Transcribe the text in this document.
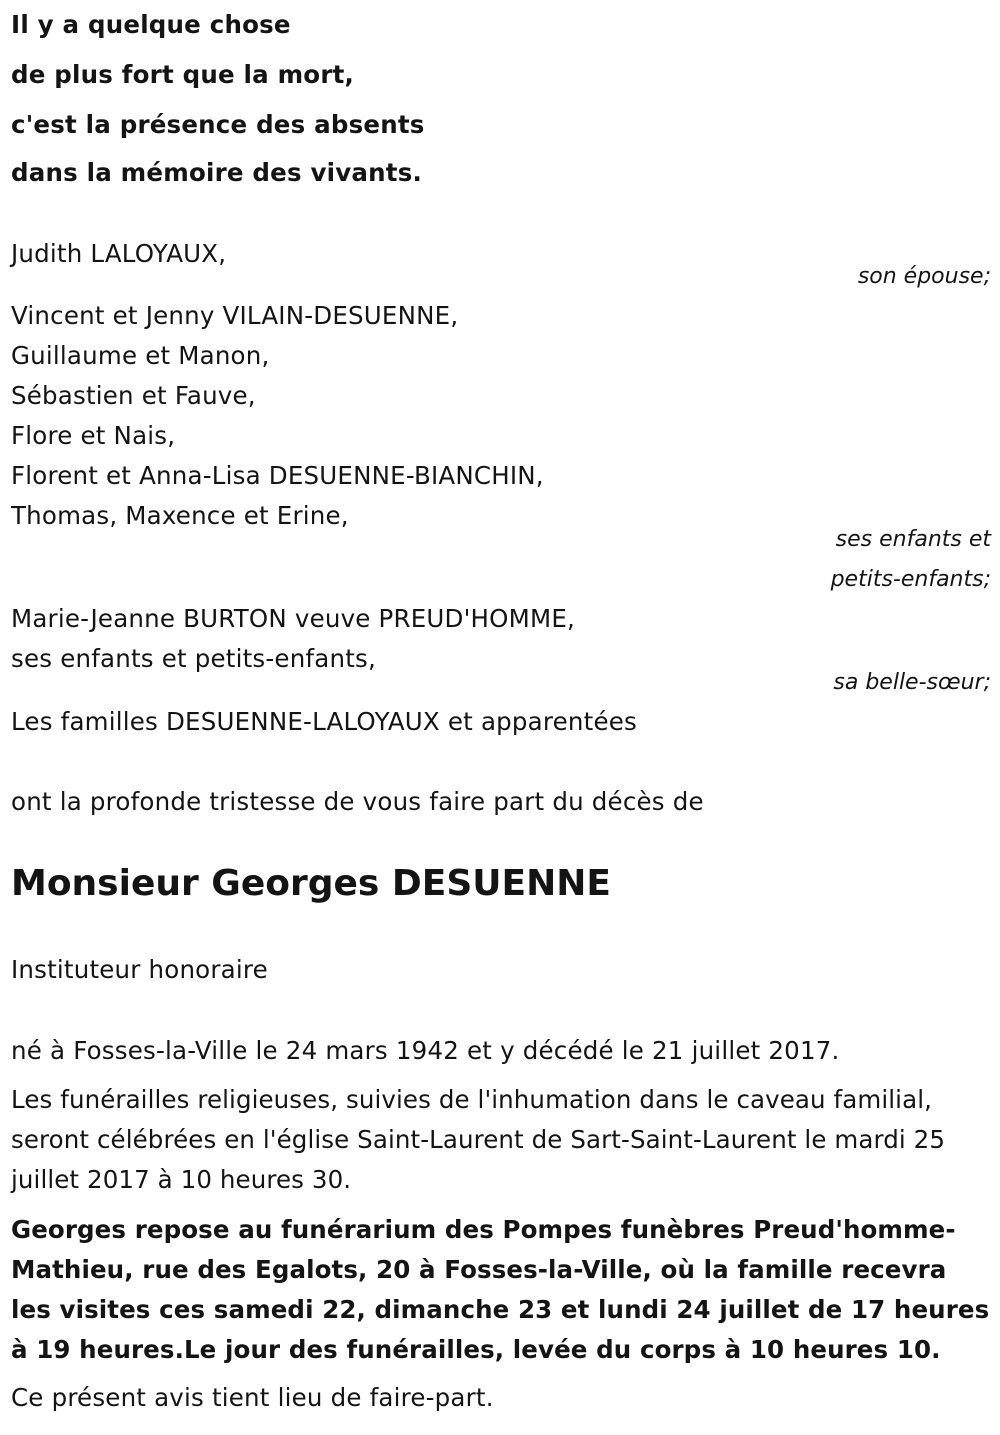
Il y a quelque chose
de plus fort que la mort,
c'est la présence des absents
dans la mémoire des vivants.
Judith LALOYAUX,
son épouse;
Vincent et Jenny VILAIN-DESUENNE,
Guillaume et Manon,
Sébastien et Fauve,
Flore et Nais,
Florent et Anna-Lisa DESUENNE-BIANCHIN,
Thomas, Maxence et Erine,
ses enfants et
petits-enfants;
Marie-Jeanne BURTON veuve PREUD'HOMME,
ses enfants et petits-enfants,
sa belle-sœur;
Les familles DESUENNE-LALOYAUX et apparentées
ont la profonde tristesse de vous faire part du décès de
Monsieur Georges DESUENNE
Instituteur honoraire
né à Fosses-la-Ville le 24 mars 1942 et y décédé le 21 juillet 2017.
Les funérailles religieuses, suivies de l'inhumation dans le caveau familial, seront célébrées en l'église Saint-Laurent de Sart-Saint-Laurent le mardi 25 juillet 2017 à 10 heures 30.
Georges repose au funérarium des Pompes funèbres Preud'homme-Mathieu, rue des Egalots, 20 à Fosses-la-Ville, où la famille recevra les visites ces samedi 22, dimanche 23 et lundi 24 juillet de 17 heures à 19 heures.Le jour des funérailles, levée du corps à 10 heures 10.
Ce présent avis tient lieu de faire-part.
